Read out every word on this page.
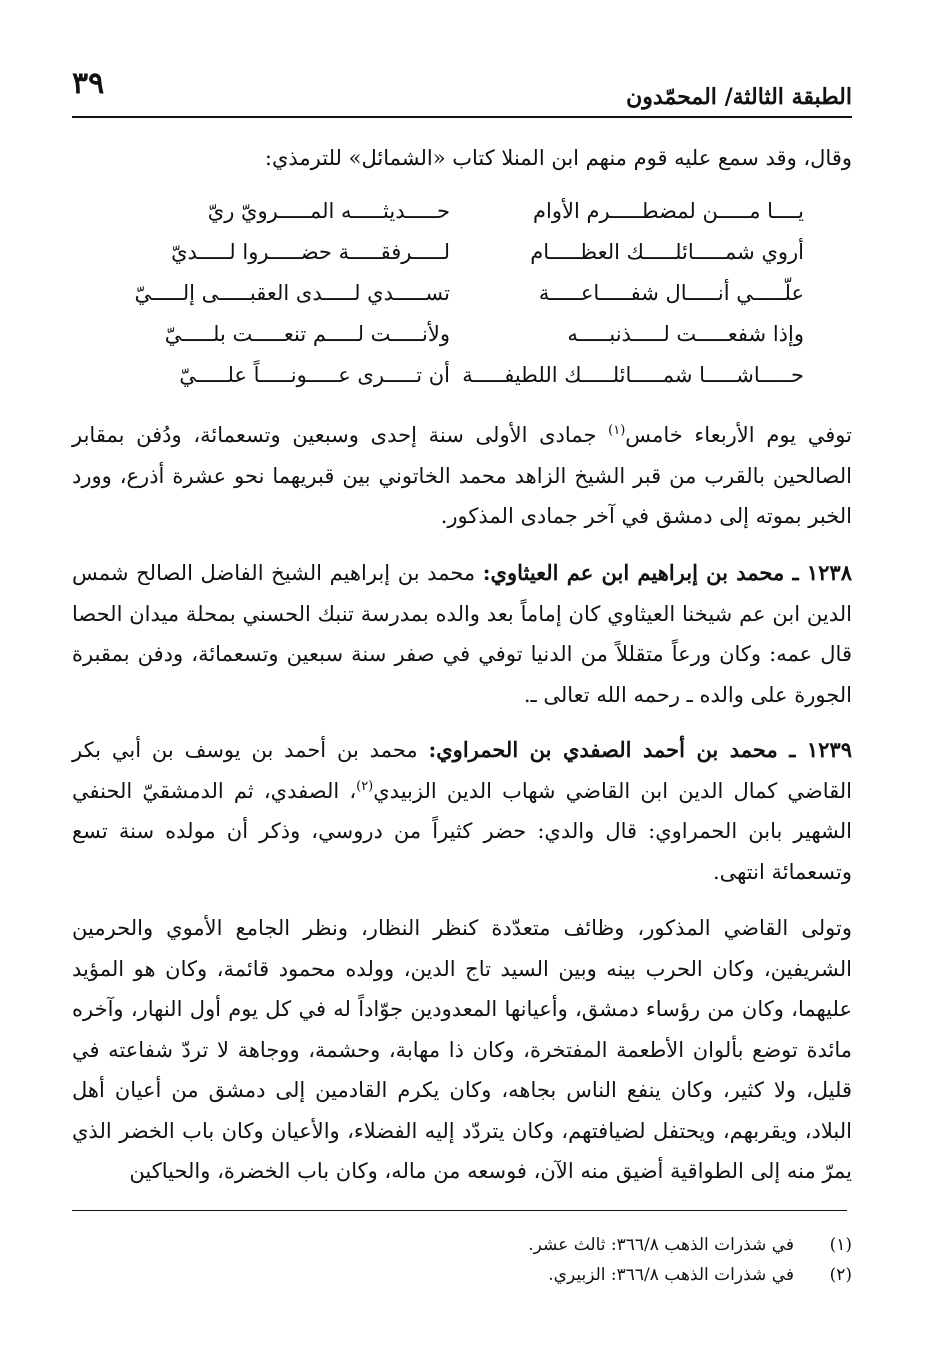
٣٩	الطبقة الثالثة/ المحمّدون
وقال، وقد سمع عليه قوم منهم ابن المنلا كتاب «الشمائل» للترمذي:
يــــا مـــــن لمضطـــــرم الأوام
حـــــديثـــــه المـــــرويّ ريّ
أروي شمـــــائلـــــك العظـــــام
لـــــرفقـــــة حضـــــروا لـــــديّ
علّـــــي أنـــــال شفـــــاعـــــة
تســـــدي لـــــدى العقبـــــى إلـــــيّ
وإذا شفعـــــت لـــــذنبـــــه
ولأنـــــت لـــــم تنعـــــت بلـــــيّ
حـــــاشـــــا شمـــــائلـــــك اللطيفـــــة
أن تـــــرى عـــــونـــــاً علـــــيّ
توفي يوم الأربعاء خامس$^{(١)}$ جمادى الأولى سنة إحدى وسبعين وتسعمائة، ودُفن بمقابر الصالحين بالقرب من قبر الشيخ الزاهد محمد الخاتوني بين قبريهما نحو عشرة أذرع، وورد الخبر بموته إلى دمشق في آخر جمادى المذكور.
١٢٣٨ ـ محمد بن إبراهيم ابن عم العيثاوي: محمد بن إبراهيم الشيخ الفاضل الصالح شمس الدين ابن عم شيخنا العيثاوي كان إماماً بعد والده بمدرسة تنبك الحسني بمحلة ميدان الحصا قال عمه: وكان ورعاً متقللاً من الدنيا توفي في صفر سنة سبعين وتسعمائة، ودفن بمقبرة الجورة على والده ـ رحمه الله تعالى ـ.
١٢٣٩ ـ محمد بن أحمد الصفدي بن الحمراوي: محمد بن أحمد بن يوسف بن أبي بكر القاضي كمال الدين ابن القاضي شهاب الدين الزبيدي$^{(٢)}$، الصفدي، ثم الدمشقيّ الحنفي الشهير بابن الحمراوي: قال والدي: حضر كثيراً من دروسي، وذكر أن مولده سنة تسع وتسعمائة انتهى.
وتولى القاضي المذكور، وظائف متعدّدة كنظر النظار، ونظر الجامع الأموي والحرمين الشريفين، وكان الحرب بينه وبين السيد تاج الدين، وولده محمود قائمة، وكان هو المؤيد عليهما، وكان من رؤساء دمشق، وأعيانها المعدودين جوّاداً له في كل يوم أول النهار، وآخره مائدة توضع بألوان الأطعمة المفتخرة، وكان ذا مهابة، وحشمة، ووجاهة لا تردّ شفاعته في قليل، ولا كثير، وكان ينفع الناس بجاهه، وكان يكرم القادمين إلى دمشق من أعيان أهل البلاد، ويقربهم، ويحتفل لضيافتهم، وكان يتردّد إليه الفضلاء، والأعيان وكان باب الخضر الذي يمرّ منه إلى الطواقية أضيق منه الآن، فوسعه من ماله، وكان باب الخضرة، والحياكين
(١)
في شذرات الذهب ٣٦٦/٨: ثالث عشر.
(٢)
في شذرات الذهب ٣٦٦/٨: الزبيري.
